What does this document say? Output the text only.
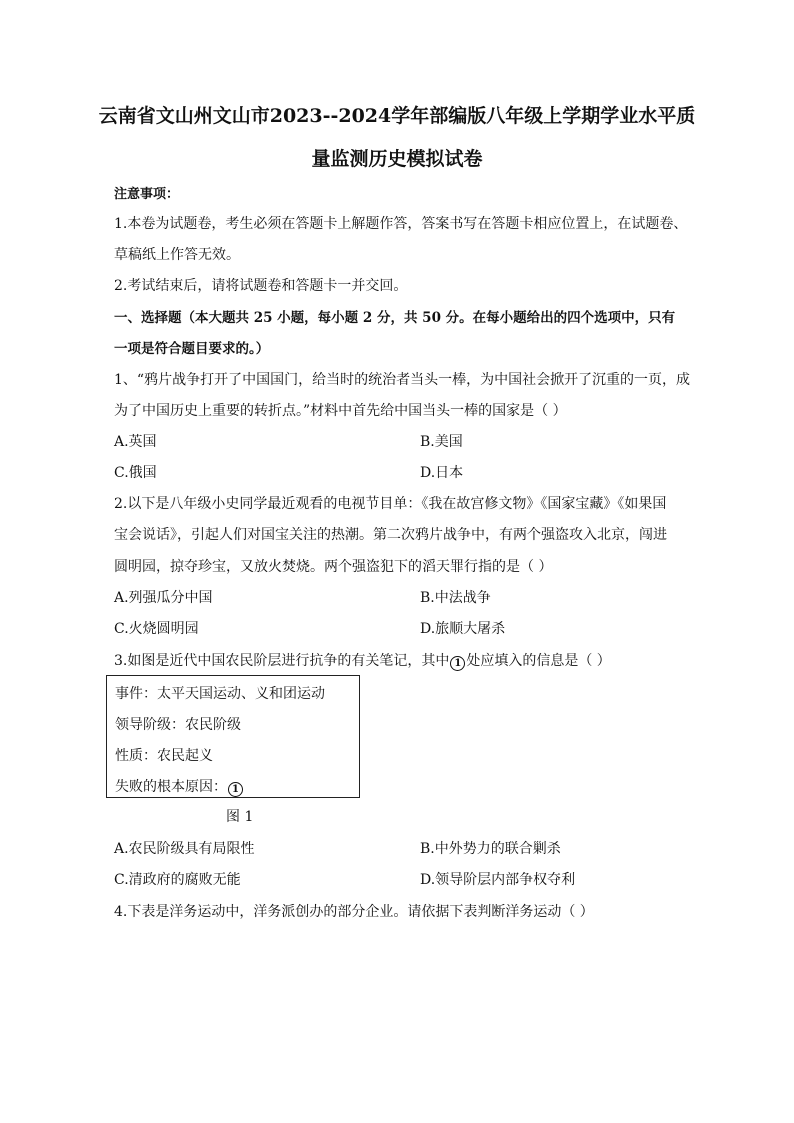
云南省文山州文山市2023--2024学年部编版八年级上学期学业水平质
量监测历史模拟试卷
注意事项：
1.本卷为试题卷，考生必须在答题卡上解题作答，答案书写在答题卡相应位置上，在试题卷、
草稿纸上作答无效。
2.考试结束后，请将试题卷和答题卡一并交回。
一、选择题（本大题共 25 小题，每小题 2 分，共 50 分。在每小题给出的四个选项中，只有
一项是符合题目要求的。）
1、“鸦片战争打开了中国国门，给当时的统治者当头一棒，为中国社会掀开了沉重的一页，成
为了中国历史上重要的转折点。”材料中首先给中国当头一棒的国家是（ ）
A.英国	B.美国
C.俄国	D.日本
2.以下是八年级小史同学最近观看的电视节目单：《我在故宫修文物》《国家宝藏》《如果国
宝会说话》，引起人们对国宝关注的热潮。第二次鸦片战争中，有两个强盗攻入北京，闯进
圆明园，掠夺珍宝，又放火焚烧。两个强盗犯下的滔天罪行指的是（ ）
A.列强瓜分中国	B.中法战争
C.火烧圆明园	D.旅顺大屠杀
3.如图是近代中国农民阶层进行抗争的有关笔记，其中 1 处应填入的信息是（ ）
事件：太平天国运动、义和团运动
领导阶级：农民阶级
性质：农民起义
失败的根本原因： 1
图 1
A.农民阶级具有局限性	B.中外势力的联合剿杀
C.清政府的腐败无能	D.领导阶层内部争权夺利
4.下表是洋务运动中，洋务派创办的部分企业。请依据下表判断洋务运动（ ）
